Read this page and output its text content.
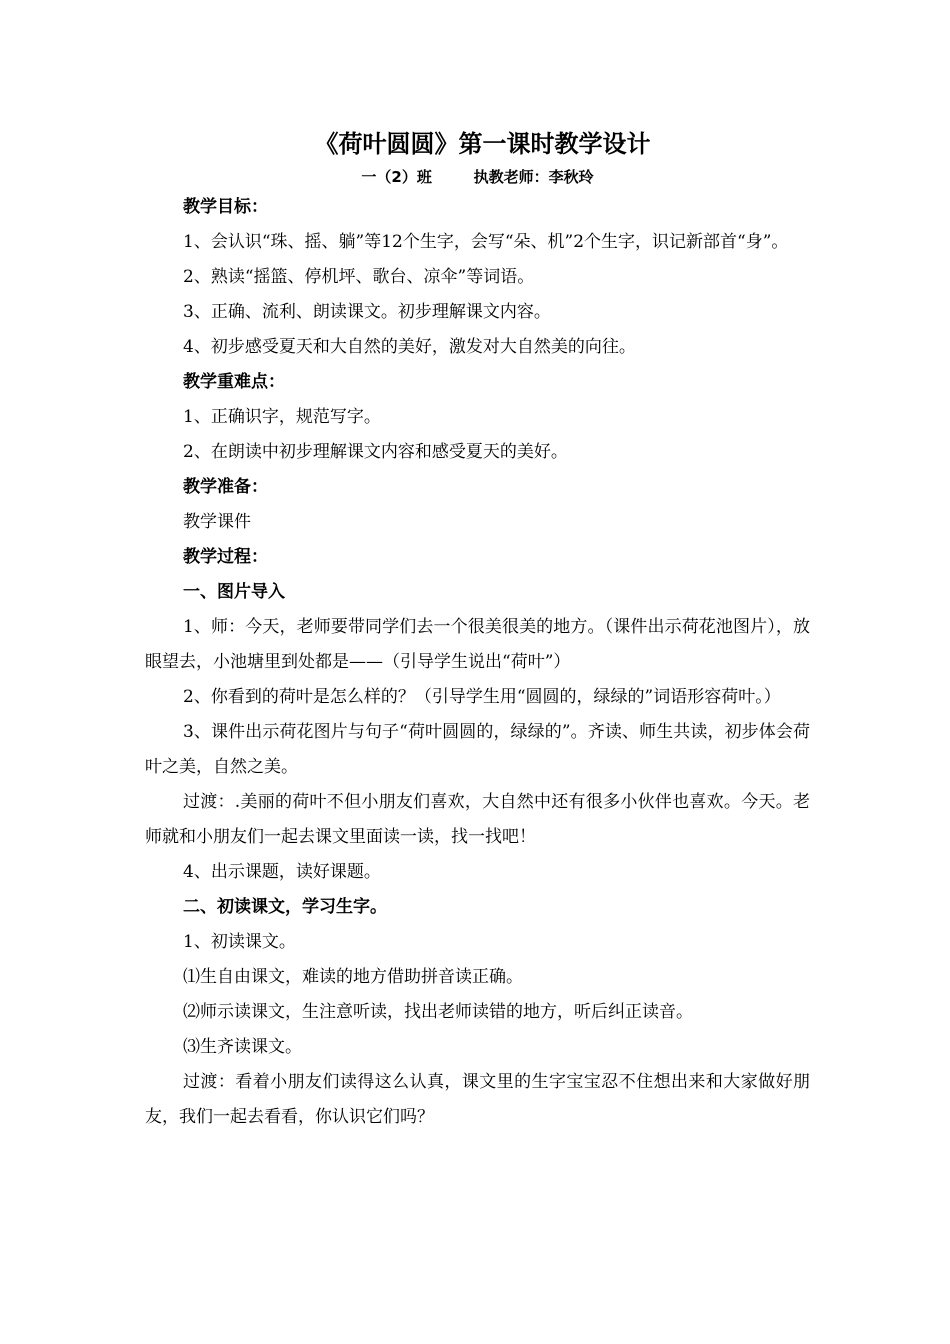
《荷叶圆圆》第一课时教学设计

一（2）班        执教老师：李秋玲

教学目标：

1、会认识“珠、摇、躺”等12个生字，会写“朵、机”2个生字，识记新部首“身”。

2、熟读“摇篮、停机坪、歌台、凉伞”等词语。

3、正确、流利、朗读课文。初步理解课文内容。

4、初步感受夏天和大自然的美好，激发对大自然美的向往。

教学重难点：

1、正确识字，规范写字。

2、在朗读中初步理解课文内容和感受夏天的美好。

教学准备：

教学课件

教学过程：

一、图片导入

1、师：今天，老师要带同学们去一个很美很美的地方。（课件出示荷花池图片），放眼望去，小池塘里到处都是——（引导学生说出“荷叶”）

2、你看到的荷叶是怎么样的？（引导学生用“圆圆的，绿绿的”词语形容荷叶。）

3、课件出示荷花图片与句子“荷叶圆圆的，绿绿的”。齐读、师生共读，初步体会荷叶之美，自然之美。

过渡：.美丽的荷叶不但小朋友们喜欢，大自然中还有很多小伙伴也喜欢。今天。老师就和小朋友们一起去课文里面读一读，找一找吧！

4、出示课题，读好课题。

二、初读课文，学习生字。

1、初读课文。

⑴生自由课文，难读的地方借助拼音读正确。

⑵师示读课文，生注意听读，找出老师读错的地方，听后纠正读音。

⑶生齐读课文。

过渡：看着小朋友们读得这么认真，课文里的生字宝宝忍不住想出来和大家做好朋友，我们一起去看看，你认识它们吗？
